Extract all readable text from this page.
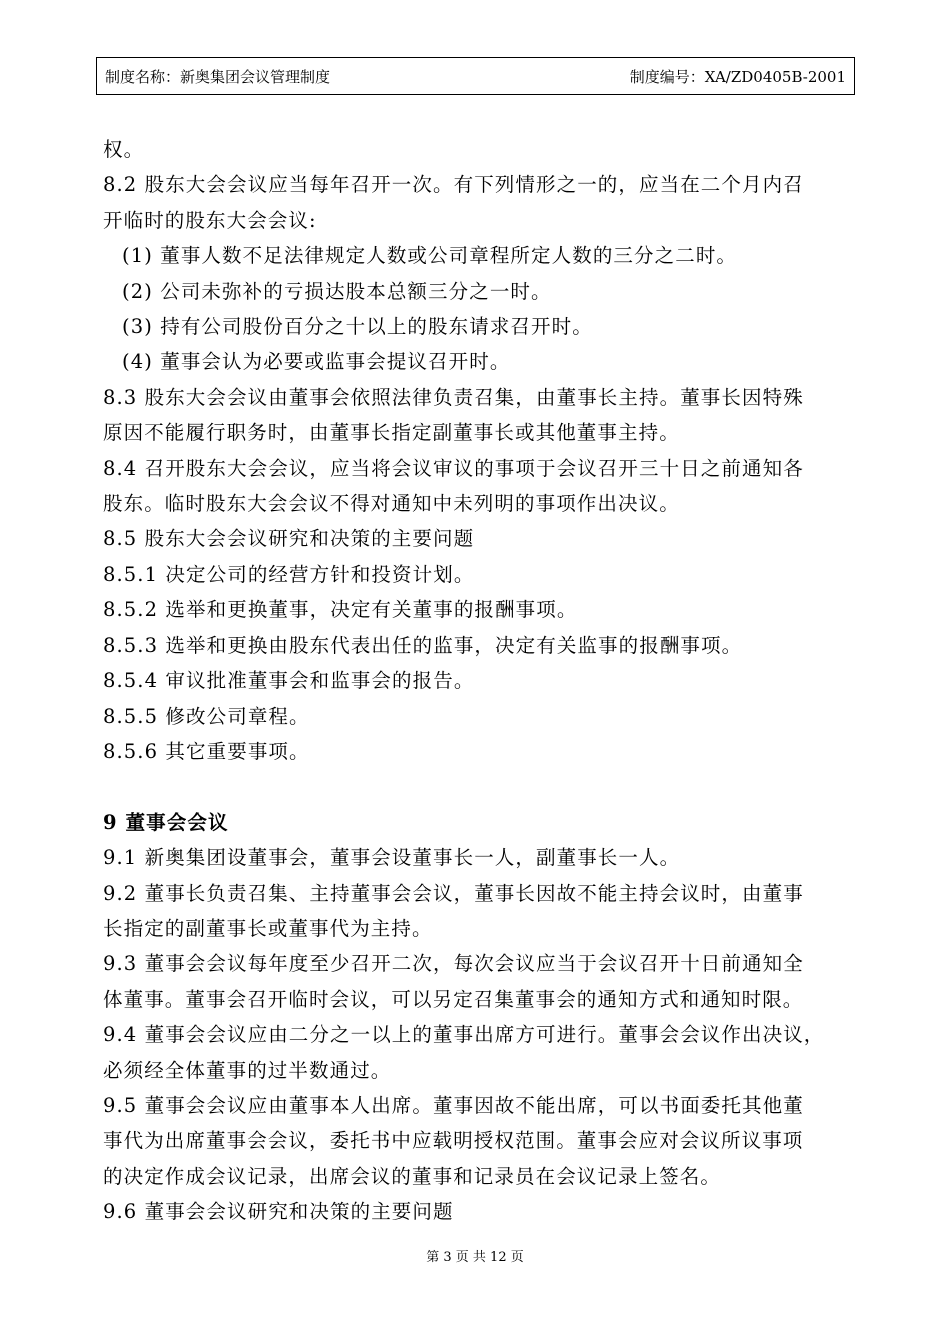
制度名称：新奥集团会议管理制度	制度编号：XA/ZD0405B-2001

权。

8.2 股东大会会议应当每年召开一次。有下列情形之一的，应当在二个月内召

开临时的股东大会会议:

(1) 董事人数不足法律规定人数或公司章程所定人数的三分之二时。

(2) 公司未弥补的亏损达股本总额三分之一时。

(3) 持有公司股份百分之十以上的股东请求召开时。

(4) 董事会认为必要或监事会提议召开时。

8.3 股东大会会议由董事会依照法律负责召集，由董事长主持。董事长因特殊

原因不能履行职务时，由董事长指定副董事长或其他董事主持。

8.4 召开股东大会会议，应当将会议审议的事项于会议召开三十日之前通知各

股东。临时股东大会会议不得对通知中未列明的事项作出决议。

8.5 股东大会会议研究和决策的主要问题

8.5.1 决定公司的经营方针和投资计划。

8.5.2 选举和更换董事，决定有关董事的报酬事项。

8.5.3 选举和更换由股东代表出任的监事，决定有关监事的报酬事项。

8.5.4 审议批准董事会和监事会的报告。

8.5.5 修改公司章程。

8.5.6 其它重要事项。

9 董事会会议

9.1 新奥集团设董事会，董事会设董事长一人，副董事长一人。

9.2 董事长负责召集、主持董事会会议，董事长因故不能主持会议时，由董事

长指定的副董事长或董事代为主持。

9.3 董事会会议每年度至少召开二次，每次会议应当于会议召开十日前通知全

体董事。董事会召开临时会议，可以另定召集董事会的通知方式和通知时限。

9.4 董事会会议应由二分之一以上的董事出席方可进行。董事会会议作出决议，

必须经全体董事的过半数通过。

9.5 董事会会议应由董事本人出席。董事因故不能出席，可以书面委托其他董

事代为出席董事会会议，委托书中应载明授权范围。董事会应对会议所议事项

的决定作成会议记录，出席会议的董事和记录员在会议记录上签名。

9.6 董事会会议研究和决策的主要问题

第 3 页 共 12 页
